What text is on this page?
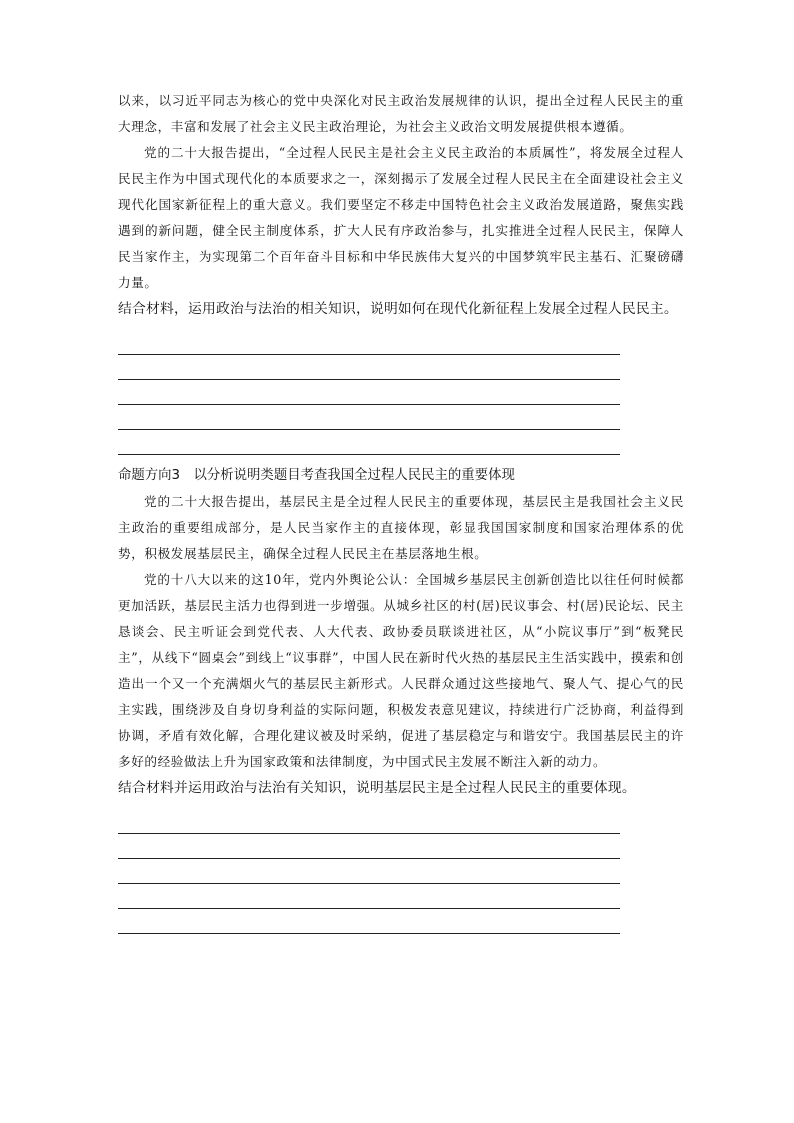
以来，以习近平同志为核心的党中央深化对民主政治发展规律的认识，提出全过程人民民主的重大理念，丰富和发展了社会主义民主政治理论，为社会主义政治文明发展提供根本遵循。

党的二十大报告提出，“全过程人民民主是社会主义民主政治的本质属性”，将发展全过程人民民主作为中国式现代化的本质要求之一，深刻揭示了发展全过程人民民主在全面建设社会主义现代化国家新征程上的重大意义。我们要坚定不移走中国特色社会主义政治发展道路，聚焦实践遇到的新问题，健全民主制度体系，扩大人民有序政治参与，扎实推进全过程人民民主，保障人民当家作主，为实现第二个百年奋斗目标和中华民族伟大复兴的中国梦筑牢民主基石、汇聚磅礴力量。

结合材料，运用政治与法治的相关知识，说明如何在现代化新征程上发展全过程人民民主。

命题方向3　以分析说明类题目考查我国全过程人民民主的重要体现

党的二十大报告提出，基层民主是全过程人民民主的重要体现，基层民主是我国社会主义民主政治的重要组成部分，是人民当家作主的直接体现，彰显我国国家制度和国家治理体系的优势，积极发展基层民主，确保全过程人民民主在基层落地生根。

党的十八大以来的这10年，党内外舆论公认：全国城乡基层民主创新创造比以往任何时候都更加活跃，基层民主活力也得到进一步增强。从城乡社区的村(居)民议事会、村(居)民论坛、民主恳谈会、民主听证会到党代表、人大代表、政协委员联谈进社区，从“小院议事厅”到“板凳民主”，从线下“圆桌会”到线上“议事群”，中国人民在新时代火热的基层民主生活实践中，摸索和创造出一个又一个充满烟火气的基层民主新形式。人民群众通过这些接地气、聚人气、提心气的民主实践，围绕涉及自身切身利益的实际问题，积极发表意见建议，持续进行广泛协商，利益得到协调，矛盾有效化解，合理化建议被及时采纳，促进了基层稳定与和谐安宁。我国基层民主的许多好的经验做法上升为国家政策和法律制度，为中国式民主发展不断注入新的动力。

结合材料并运用政治与法治有关知识，说明基层民主是全过程人民民主的重要体现。
